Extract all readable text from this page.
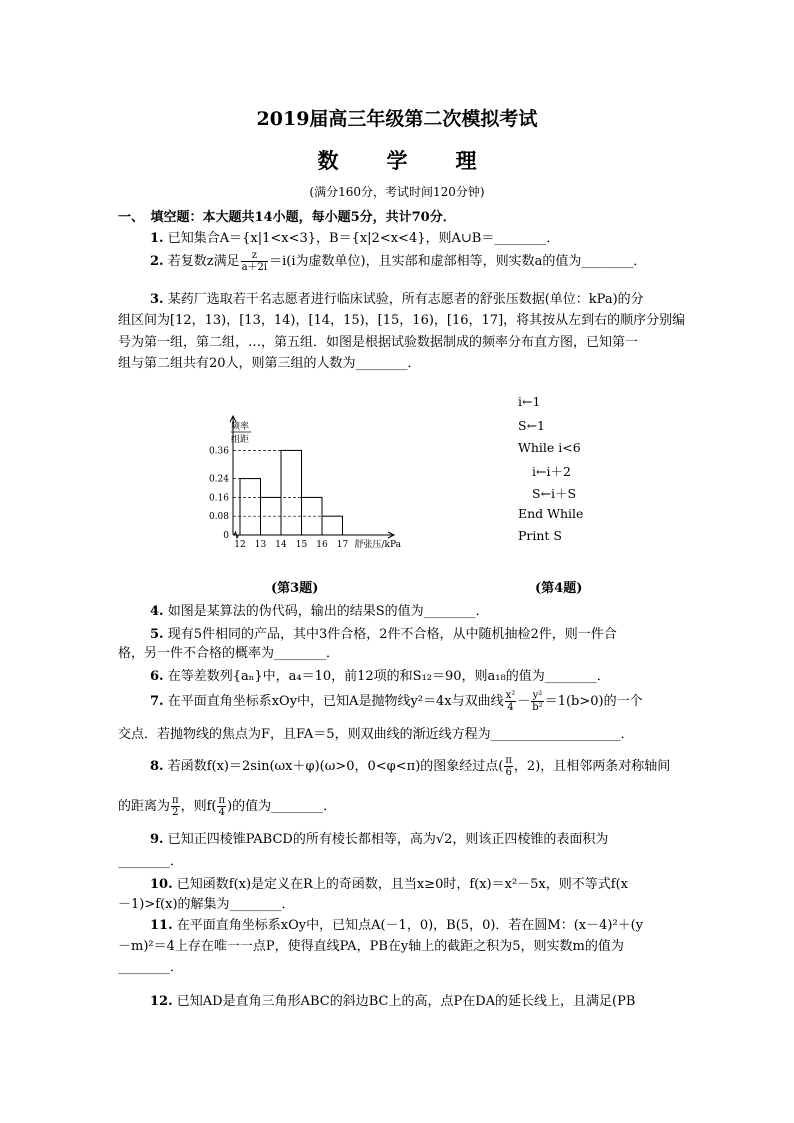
2019届高三年级第二次模拟考试
数 学 理
(满分160分，考试时间120分钟)
一、　填空题：本大题共14小题，每小题5分，共计70分．
1. 已知集合A＝{x|1<x<3}，B＝{x|2<x<4}，则A∪B＝________．
2. 若复数z满足 $\frac{z}{a+2i} =i(i$为虚数单位)，且实部和虚部相等，则实数a的值为________．
3. 某药厂选取若干名志愿者进行临床试验，所有志愿者的舒张压数据(单位：kPa)的分
组区间为[12，13)，[13，14)，[14，15)，[15，16)，[16，17]，将其按从左到右的顺序分别编
号为第一组，第二组，…，第五组．如图是根据试验数据制成的频率分布直方图，已知第一
组与第二组共有20人，则第三组的人数为________．
频率
组距
0
0.08
0.16
0.24
0.36
12 13 14 15 16 17 舒张压/kPa
i←1
S←1
While i<6
i←i＋2
S←i＋S
End While
Print S
(第3题)	(第4题)
4. 如图是某算法的伪代码，输出的结果S的值为________．
5. 现有5件相同的产品，其中3件合格，2件不合格，从中随机抽检2件，则一件合
格，另一件不合格的概率为________．
6. 在等差数列{aₙ}中，a₄＝10，前12项的和S₁₂＝90，则a₁₈的值为________．
7. 在平面直角坐标系xOy中，已知A是抛物线y²＝4x与双曲线 $\frac{\text{x²}}{4} - \frac{\text{y²}}{\text{b²}} =1(b>0)$的一个
交点．若抛物线的焦点为F，且FA＝5，则双曲线的渐近线方程为____________________．
8. 若函数f(x)＝2sin(ωx＋φ)(ω>0，0<φ<π)的图象经过点( $\frac{\pi}{6}$ ，2)，且相邻两条对称轴间
的距离为 $\frac{\pi}{2}$ ，则$f( \frac{\pi}{4}$ )的值为________．
9. 已知正四棱锥PABCD的所有棱长都相等，高为√2，则该正四棱锥的表面积为
________．
10. 已知函数f(x)是定义在R上的奇函数，且当x≥0时，f(x)＝x²－5x，则不等式f(x
－1)>f(x)的解集为________．
11. 在平面直角坐标系xOy中，已知点A(－1，0)，B(5，0)．若在圆M：(x－4)²＋(y
－m)²＝4上存在唯一一点P，使得直线PA，PB在y轴上的截距之积为5，则实数m的值为
________．
12. 已知AD是直角三角形ABC的斜边BC上的高，点P在DA的延长线上，且满足(PB
